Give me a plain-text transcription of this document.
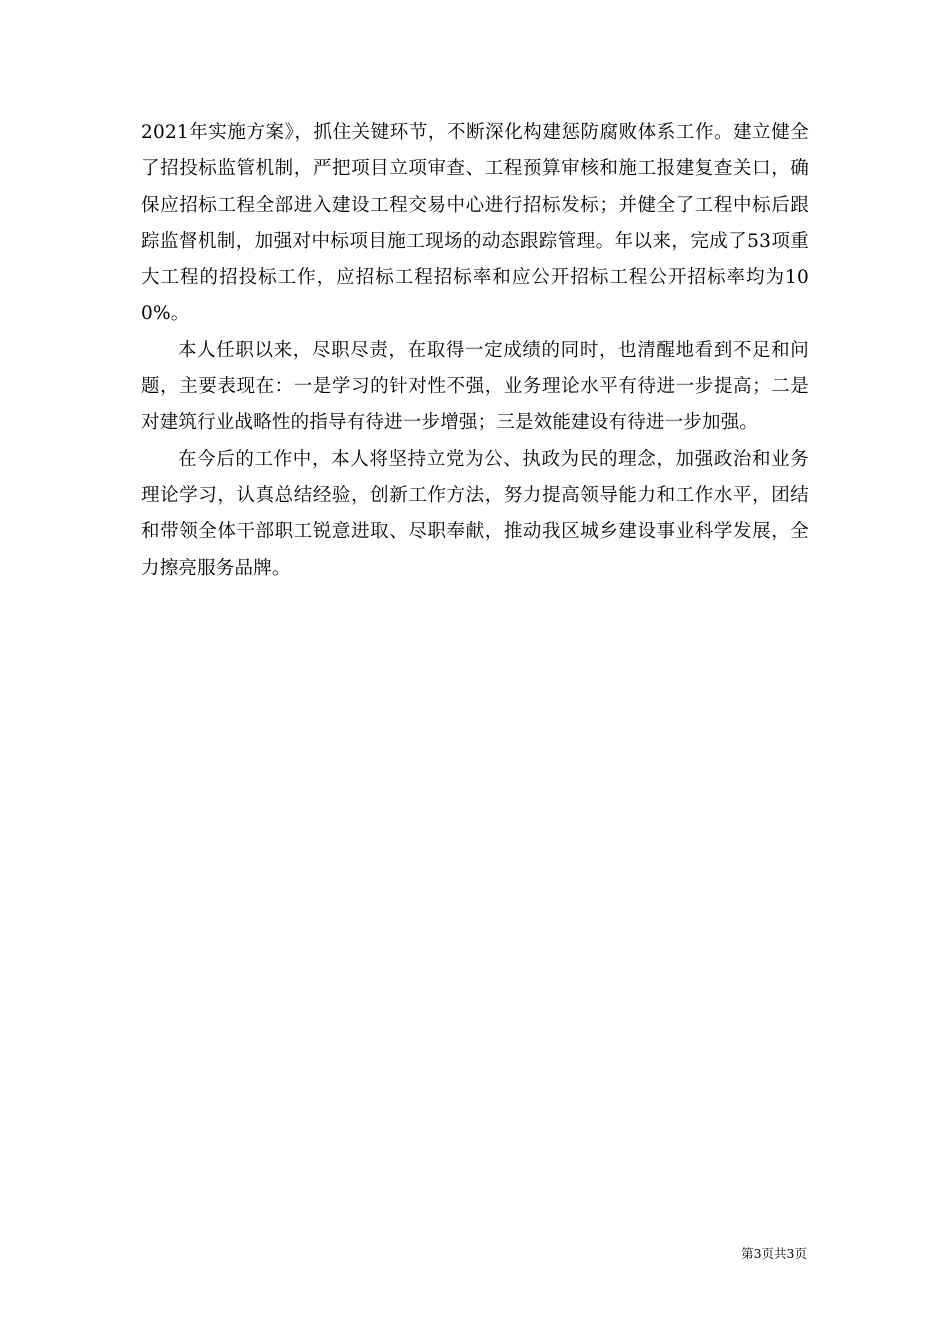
2021年实施方案》，抓住关键环节，不断深化构建惩防腐败体系工作。建立健全了招投标监管机制，严把项目立项审查、工程预算审核和施工报建复查关口，确保应招标工程全部进入建设工程交易中心进行招标发标；并健全了工程中标后跟踪监督机制，加强对中标项目施工现场的动态跟踪管理。年以来，完成了53项重大工程的招投标工作，应招标工程招标率和应公开招标工程公开招标率均为100%。

本人任职以来，尽职尽责，在取得一定成绩的同时，也清醒地看到不足和问题，主要表现在：一是学习的针对性不强，业务理论水平有待进一步提高；二是对建筑行业战略性的指导有待进一步增强；三是效能建设有待进一步加强。

在今后的工作中，本人将坚持立党为公、执政为民的理念，加强政治和业务理论学习，认真总结经验，创新工作方法，努力提高领导能力和工作水平，团结和带领全体干部职工锐意进取、尽职奉献，推动我区城乡建设事业科学发展，全力擦亮服务品牌。

第3页共3页
